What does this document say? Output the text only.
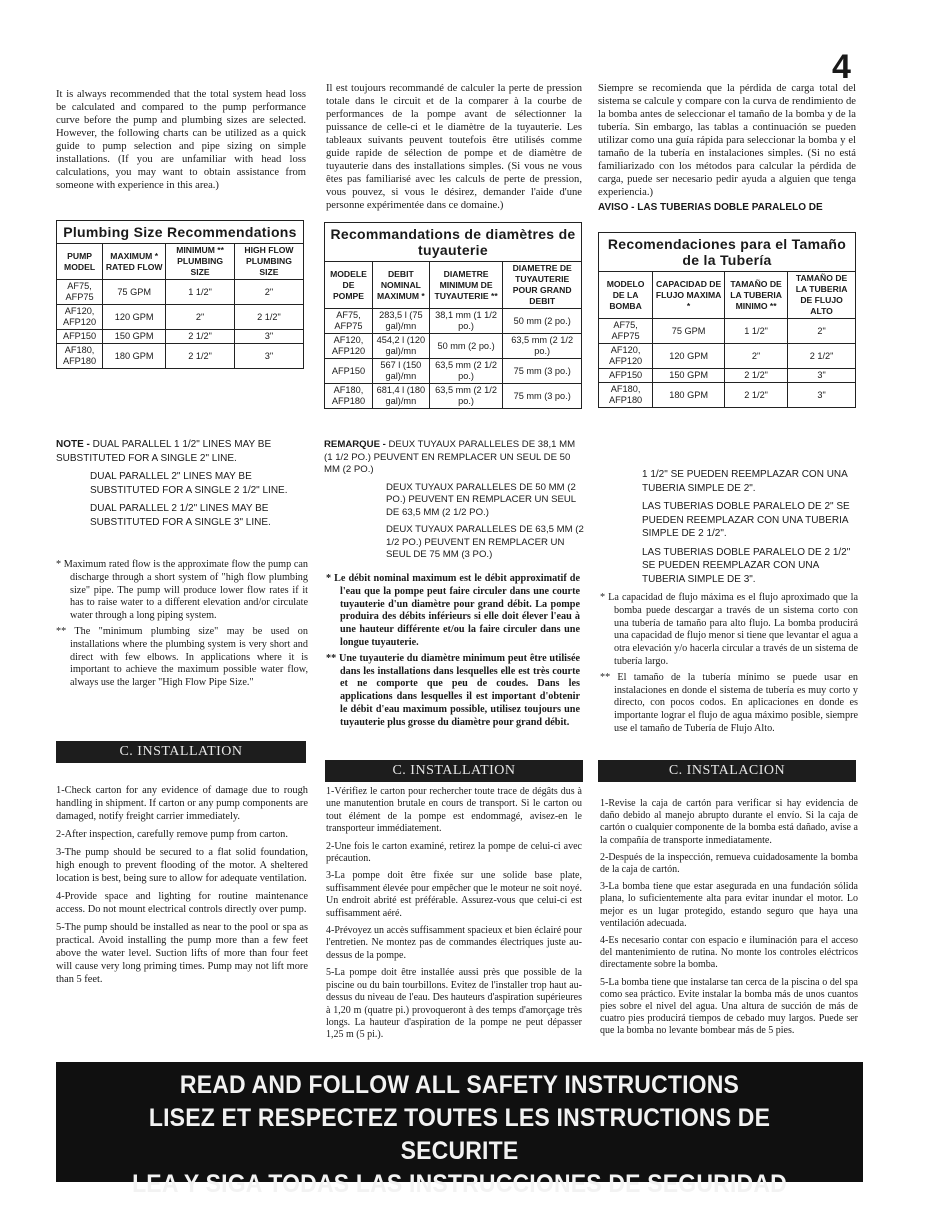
4

It is always recommended that the total system head loss be calculated and compared to the pump performance curve before the pump and plumbing sizes are selected. However, the following charts can be utilized as a quick guide to pump selection and pipe sizing on simple installations. (If you are unfamiliar with head loss calculations, you may want to obtain assistance from someone with experience in this area.)

Il est toujours recommandé de calculer la perte de pression totale dans le circuit et de la comparer à la courbe de performances de la pompe avant de sélectionner la puissance de celle-ci et le diamètre de la tuyauterie. Les tableaux suivants peuvent toutefois être utilisés comme guide rapide de sélection de pompe et de diamètre de tuyauterie dans des installations simples. (Si vous ne vous êtes pas familiarisé avec les calculs de perte de pression, vous pouvez, si vous le désirez, demander l'aide d'une personne expérimentée dans ce domaine.)

Siempre se recomienda que la pérdida de carga total del sistema se calcule y compare con la curva de rendimiento de la bomba antes de seleccionar el tamaño de la bomba y de la tubería. Sin embargo, las tablas a continuación se pueden utilizar como una guía rápida para seleccionar la bomba y el tamaño de la tubería en instalaciones simples. (Si no está familiarizado con los métodos para calcular la pérdida de carga, puede ser necesario pedir ayuda a alguien que tenga experiencia.)

AVISO - LAS TUBERIAS DOBLE PARALELO DE

Plumbing Size Recommendations			
PUMP MODEL	MAXIMUM * RATED FLOW	MINIMUM ** PLUMBING SIZE	HIGH FLOW PLUMBING SIZE
AF75, AFP75	75 GPM	1 1/2"	2"
AF120, AFP120	120 GPM	2"	2 1/2"
AFP150	150 GPM	2 1/2"	3"
AF180, AFP180	180 GPM	2 1/2"	3"
Recommandations de diamètres de tuyauterie			
MODELE DE POMPE	DEBIT NOMINAL MAXIMUM *	DIAMETRE MINIMUM DE TUYAUTERIE **	DIAMETRE DE TUYAUTERIE POUR GRAND DEBIT
AF75, AFP75	283,5 l (75 gal)/mn	38,1 mm (1 1/2 po.)	50 mm (2 po.)
AF120, AFP120	454,2 l (120 gal)/mn	50 mm (2 po.)	63,5 mm (2 1/2 po.)
AFP150	567 l (150 gal)/mn	63,5 mm (2 1/2 po.)	75 mm (3 po.)
AF180, AFP180	681,4 l (180 gal)/mn	63,5 mm (2 1/2 po.)	75 mm (3 po.)
Recomendaciones para el Tamaño de la Tubería			
MODELO DE LA BOMBA	CAPACIDAD DE FLUJO MAXIMA *	TAMAÑO DE LA TUBERIA MINIMO **	TAMAÑO DE LA TUBERIA DE FLUJO ALTO
AF75, AFP75	75 GPM	1 1/2"	2"
AF120, AFP120	120 GPM	2"	2 1/2"
AFP150	150 GPM	2 1/2"	3"
AF180, AFP180	180 GPM	2 1/2"	3"

NOTE - DUAL PARALLEL 1 1/2" LINES MAY BE SUBSTITUTED FOR A SINGLE 2" LINE.

DUAL PARALLEL 2" LINES MAY BE SUBSTITUTED FOR A SINGLE 2 1/2" LINE.

DUAL PARALLEL 2 1/2" LINES MAY BE SUBSTITUTED FOR A SINGLE 3" LINE.

REMARQUE - DEUX TUYAUX PARALLELES DE 38,1 MM (1 1/2 PO.) PEUVENT EN REMPLACER UN SEUL DE 50 MM (2 PO.)

DEUX TUYAUX PARALLELES DE 50 MM (2 PO.) PEUVENT EN REMPLACER UN SEUL DE 63,5 MM (2 1/2 PO.)

DEUX TUYAUX PARALLELES DE 63,5 MM (2 1/2 PO.) PEUVENT EN REMPLACER UN SEUL DE 75 MM (3 PO.)

1 1/2" SE PUEDEN REEMPLAZAR CON UNA TUBERIA SIMPLE DE 2".

LAS TUBERIAS DOBLE PARALELO DE 2" SE PUEDEN REEMPLAZAR CON UNA TUBERIA SIMPLE DE 2 1/2".

LAS TUBERIAS DOBLE PARALELO DE 2 1/2" SE PUEDEN REEMPLAZAR CON UNA TUBERIA SIMPLE DE 3".

* Maximum rated flow is the approximate flow the pump can discharge through a short system of "high flow plumbing size" pipe. The pump will produce lower flow rates if it has to raise water to a different elevation and/or circulate water through a long piping system.

** The "minimum plumbing size" may be used on installations where the plumbing system is very short and direct with few elbows. In applications where it is important to achieve the maximum possible water flow, always use the larger "High Flow Pipe Size."

* Le débit nominal maximum est le débit approximatif de l'eau que la pompe peut faire circuler dans une courte tuyauterie d'un diamètre pour grand débit. La pompe produira des débits inférieurs si elle doit élever l'eau à une hauteur différente et/ou la faire circuler dans une longue tuyauterie.

** Une tuyauterie du diamètre minimum peut être utilisée dans les installations dans lesquelles elle est très courte et ne comporte que peu de coudes. Dans les applications dans lesquelles il est important d'obtenir le débit d'eau maximum possible, utilisez toujours une tuyauterie plus grosse du diamètre pour grand débit.

* La capacidad de flujo máxima es el flujo aproximado que la bomba puede descargar a través de un sistema corto con una tubería de tamaño para alto flujo. La bomba producirá una capacidad de flujo menor si tiene que levantar el agua a otra elevación y/o hacerla circular a través de un sistema de tubería largo.

** El tamaño de la tubería mínimo se puede usar en instalaciones en donde el sistema de tubería es muy corto y directo, con pocos codos. En aplicaciones en donde es importante lograr el flujo de agua máximo posible, siempre use el tamaño de Tubería de Flujo Alto.

C. INSTALLATION
C. INSTALLATION	C. INSTALACION

1-Check carton for any evidence of damage due to rough handling in shipment. If carton or any pump components are damaged, notify freight carrier immediately.

2-After inspection, carefully remove pump from carton.

3-The pump should be secured to a flat solid foundation, high enough to prevent flooding of the motor. A sheltered location is best, being sure to allow for adequate ventilation.

4-Provide space and lighting for routine maintenance access. Do not mount electrical controls directly over pump.

5-The pump should be installed as near to the pool or spa as practical. Avoid installing the pump more than a few feet above the water level. Suction lifts of more than four feet will cause very long priming times. Pump may not lift more than 5 feet.

1-Vérifiez le carton pour rechercher toute trace de dégâts dus à une manutention brutale en cours de transport. Si le carton ou tout élément de la pompe est endommagé, avisez-en le transporteur immédiatement.

2-Une fois le carton examiné, retirez la pompe de celui-ci avec précaution.

3-La pompe doit être fixée sur une solide base plate, suffisamment élevée pour empêcher que le moteur ne soit noyé. Un endroit abrité est préférable. Assurez-vous que celui-ci est suffisamment aéré.

4-Prévoyez un accès suffisamment spacieux et bien éclairé pour l'entretien. Ne montez pas de commandes électriques juste au-dessus de la pompe.

5-La pompe doit être installée aussi près que possible de la piscine ou du bain tourbillons. Evitez de l'installer trop haut au-dessus du niveau de l'eau. Des hauteurs d'aspiration supérieures à 1,20 m (quatre pi.) provoqueront à des temps d'amorçage très longs. La hauteur d'aspiration de la pompe ne peut dépasser 1,25 m (5 pi.).

1-Revise la caja de cartón para verificar si hay evidencia de daño debido al manejo abrupto durante el envío. Si la caja de cartón o cualquier componente de la bomba está dañado, avise a la compañía de transporte inmediatamente.

2-Después de la inspección, remueva cuidadosamente la bomba de la caja de cartón.

3-La bomba tiene que estar asegurada en una fundación sólida plana, lo suficientemente alta para evitar inundar el motor. Lo mejor es un lugar protegido, estando seguro que haya una ventilación adecuada.

4-Es necesario contar con espacio e iluminación para el acceso del mantenimiento de rutina. No monte los controles eléctricos directamente sobre la bomba.

5-La bomba tiene que instalarse tan cerca de la piscina o del spa como sea práctico. Evite instalar la bomba más de unos cuantos pies sobre el nivel del agua. Una altura de succión de más de cuatro pies producirá tiempos de cebado muy largos. Puede ser que la bomba no levante bombear más de 5 pies.

READ AND FOLLOW ALL SAFETY INSTRUCTIONS
LISEZ ET RESPECTEZ TOUTES LES INSTRUCTIONS DE SECURITE
LEA Y SIGA TODAS LAS INSTRUCCIONES DE SEGURIDAD
